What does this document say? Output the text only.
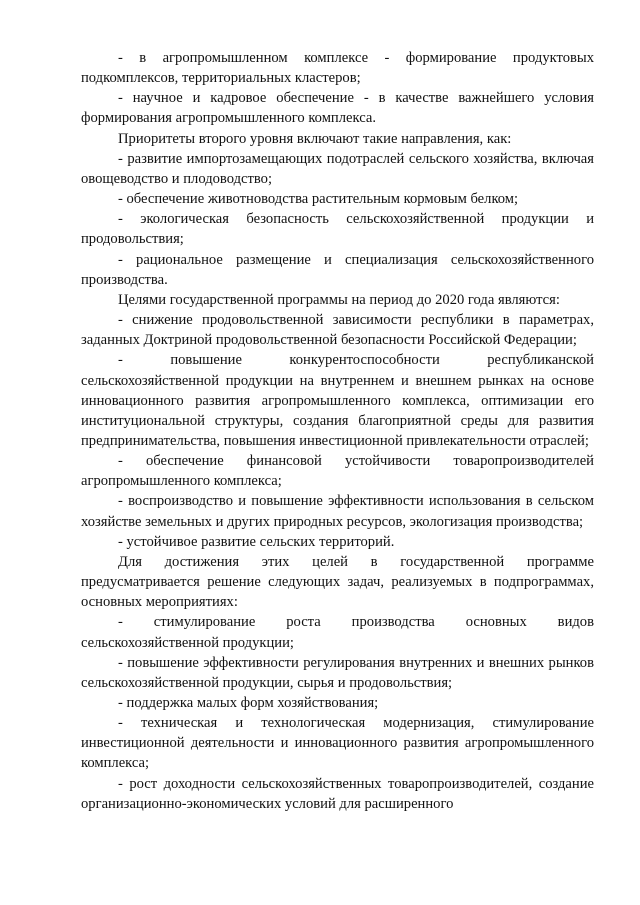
- в агропромышленном комплексе - формирование продуктовых подкомплексов, территориальных кластеров;

- научное и кадровое обеспечение - в качестве важнейшего условия формирования агропромышленного комплекса.

Приоритеты второго уровня включают такие направления, как:

- развитие импортозамещающих подотраслей сельского хозяйства, включая овощеводство и плодоводство;

- обеспечение животноводства растительным кормовым белком;

- экологическая безопасность сельскохозяйственной продукции и продовольствия;

- рациональное размещение и специализация сельскохозяйственного производства.

Целями государственной программы на период до 2020 года являются:

- снижение продовольственной зависимости республики в параметрах, заданных Доктриной продовольственной безопасности Российской Федерации;

- повышение конкурентоспособности республиканской сельскохозяйственной продукции на внутреннем и внешнем рынках на основе инновационного развития агропромышленного комплекса, оптимизации его институциональной структуры, создания благоприятной среды для развития предпринимательства, повышения инвестиционной привлекательности отраслей;

- обеспечение финансовой устойчивости товаропроизводителей агропромышленного комплекса;

- воспроизводство и повышение эффективности использования в сельском хозяйстве земельных и других природных ресурсов, экологизация производства;

- устойчивое развитие сельских территорий.

Для достижения этих целей в государственной программе предусматривается решение следующих задач, реализуемых в подпрограммах, основных мероприятиях:

- стимулирование роста производства основных видов сельскохозяйственной продукции;

- повышение эффективности регулирования внутренних и внешних рынков сельскохозяйственной продукции, сырья и продовольствия;

- поддержка малых форм хозяйствования;

- техническая и технологическая модернизация, стимулирование инвестиционной деятельности и инновационного развития агропромышленного комплекса;

- рост доходности сельскохозяйственных товаропроизводителей, создание организационно-экономических условий для расширенного
